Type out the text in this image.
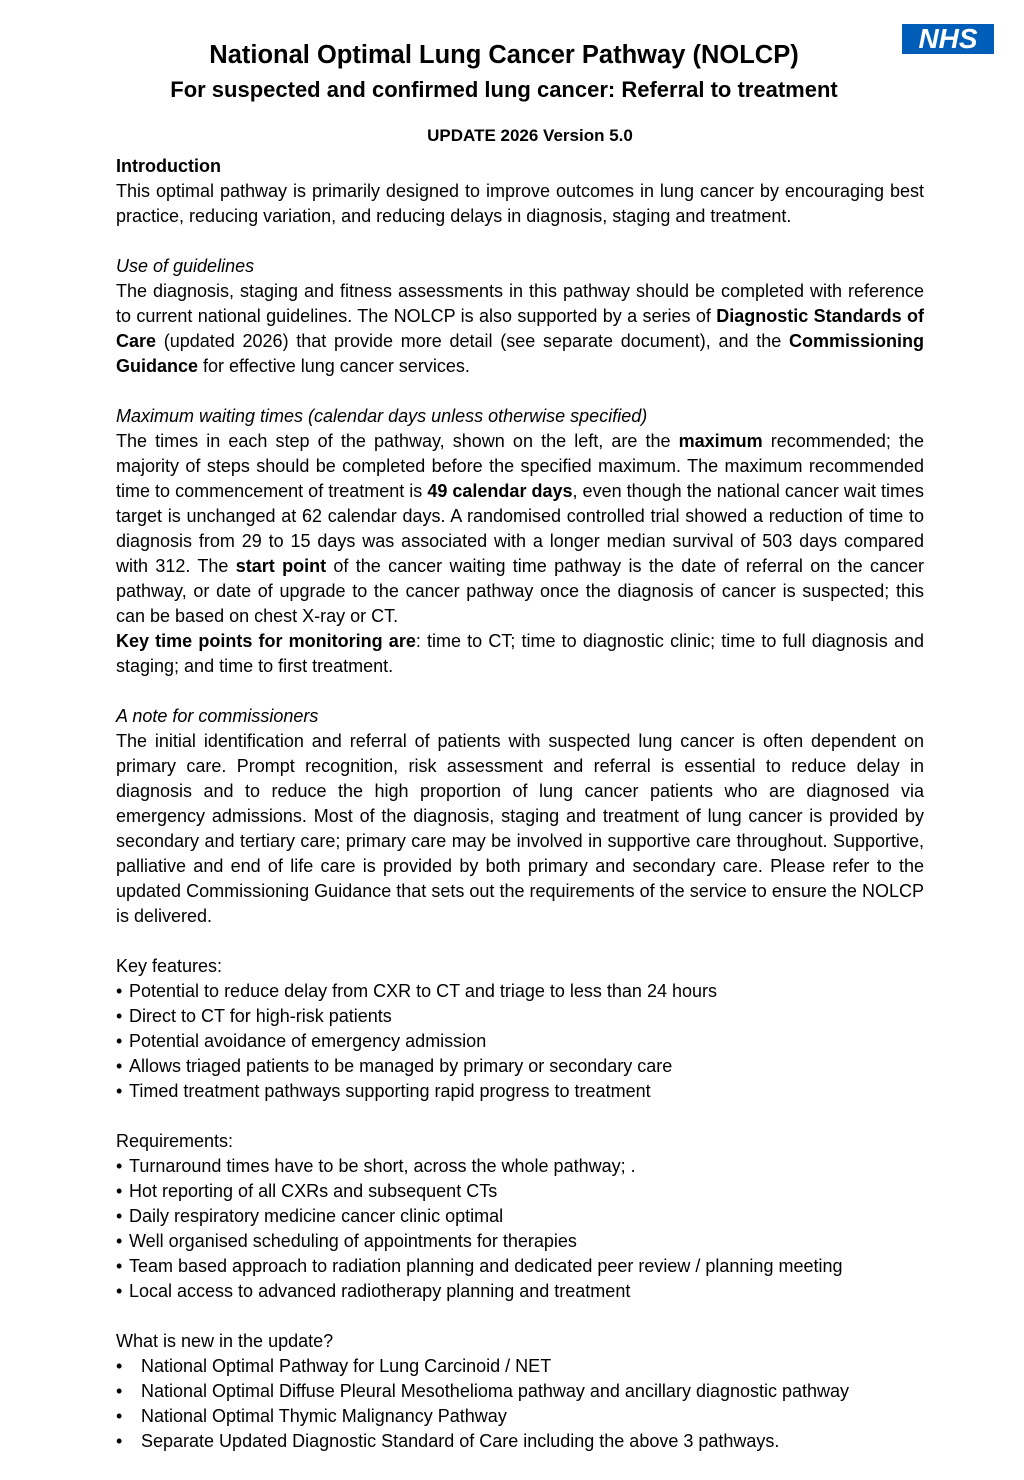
NHS
National Optimal Lung Cancer Pathway (NOLCP)
For suspected and confirmed lung cancer: Referral to treatment
UPDATE 2026 Version 5.0

Introduction

This optimal pathway is primarily designed to improve outcomes in lung cancer by encouraging best practice, reducing variation, and reducing delays in diagnosis, staging and treatment.

Use of guidelines

The diagnosis, staging and fitness assessments in this pathway should be completed with reference to current national guidelines. The NOLCP is also supported by a series of Diagnostic Standards of Care (updated 2026) that provide more detail (see separate document), and the Commissioning Guidance for effective lung cancer services.

Maximum waiting times (calendar days unless otherwise specified)

The times in each step of the pathway, shown on the left, are the maximum recommended; the majority of steps should be completed before the specified maximum. The maximum recommended time to commencement of treatment is 49 calendar days, even though the national cancer wait times target is unchanged at 62 calendar days. A randomised controlled trial showed a reduction of time to diagnosis from 29 to 15 days was associated with a longer median survival of 503 days compared with 312. The start point of the cancer waiting time pathway is the date of referral on the cancer pathway, or date of upgrade to the cancer pathway once the diagnosis of cancer is suspected; this can be based on chest X-ray or CT.

Key time points for monitoring are: time to CT; time to diagnostic clinic; time to full diagnosis and staging; and time to first treatment.

A note for commissioners

The initial identification and referral of patients with suspected lung cancer is often dependent on primary care. Prompt recognition, risk assessment and referral is essential to reduce delay in diagnosis and to reduce the high proportion of lung cancer patients who are diagnosed via emergency admissions. Most of the diagnosis, staging and treatment of lung cancer is provided by secondary and tertiary care; primary care may be involved in supportive care throughout. Supportive, palliative and end of life care is provided by both primary and secondary care. Please refer to the updated Commissioning Guidance that sets out the requirements of the service to ensure the NOLCP is delivered.

Key features:

• Potential to reduce delay from CXR to CT and triage to less than 24 hours
• Direct to CT for high-risk patients
• Potential avoidance of emergency admission
• Allows triaged patients to be managed by primary or secondary care
• Timed treatment pathways supporting rapid progress to treatment

Requirements:

• Turnaround times have to be short, across the whole pathway; .
• Hot reporting of all CXRs and subsequent CTs
• Daily respiratory medicine cancer clinic optimal
• Well organised scheduling of appointments for therapies
• Team based approach to radiation planning and dedicated peer review / planning meeting
• Local access to advanced radiotherapy planning and treatment

What is new in the update?

• National Optimal Pathway for Lung Carcinoid / NET
• National Optimal Diffuse Pleural Mesothelioma pathway and ancillary diagnostic pathway
• National Optimal Thymic Malignancy Pathway
• Separate Updated Diagnostic Standard of Care including the above 3 pathways.
